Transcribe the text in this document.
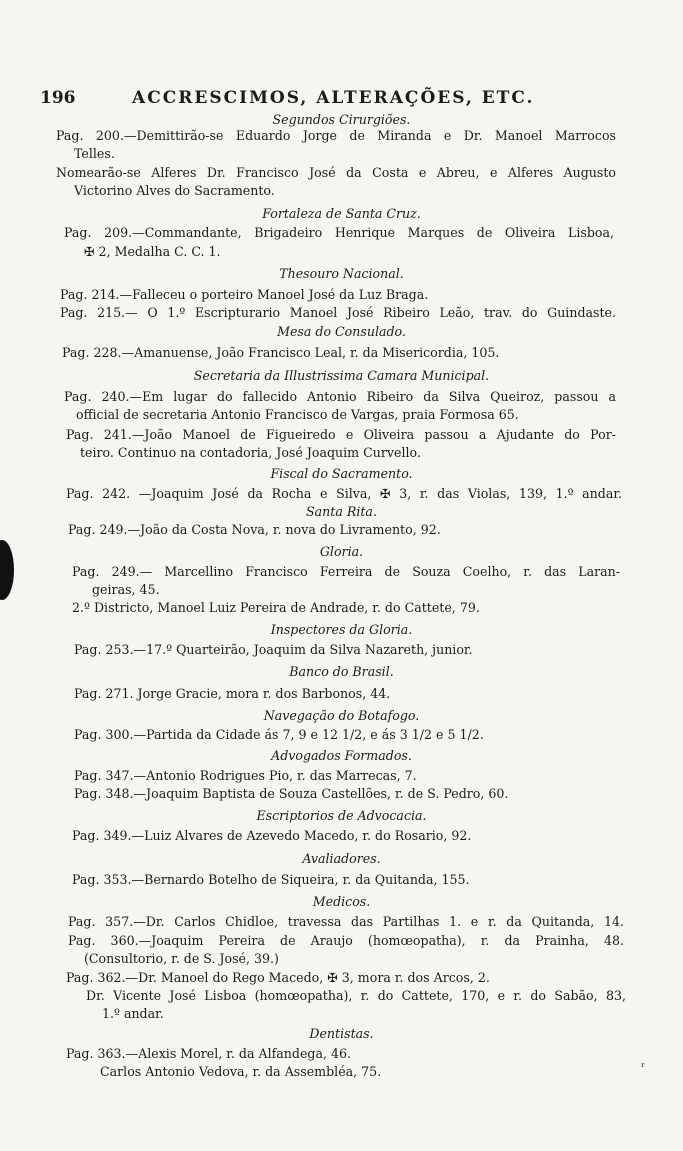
196	ACCRESCIMOS, ALTERAÇÕES, ETC.
Segundos Cirurgiões.
Pag. 200.—Demittirão-se Eduardo Jorge de Miranda e Dr. Manoel Marrocos
Telles.
Nomearão-se Alferes Dr. Francisco José da Costa e Abreu, e Alferes Augusto
Victorino Alves do Sacramento.
Fortaleza de Santa Cruz.
Pag. 209.—Commandante, Brigadeiro Henrique Marques de Oliveira Lisboa,
✠ 2, Medalha C. C. 1.
Thesouro Nacional.
Pag. 214.—Falleceu o porteiro Manoel José da Luz Braga.
Pag. 215.— O 1.º Escripturario Manoel José Ribeiro Leão, trav. do Guindaste.
Mesa do Consulado.
Pag. 228.—Amanuense, João Francisco Leal, r. da Misericordia, 105.
Secretaria da Illustrissima Camara Municipal.
Pag. 240.—Em lugar do fallecido Antonio Ribeiro da Silva Queiroz, passou a
official de secretaria Antonio Francisco de Vargas, praia Formosa 65.
Pag. 241.—João Manoel de Figueiredo e Oliveira passou a Ajudante do Por-
teiro. Continuo na contadoria, José Joaquim Curvello.
Fiscal do Sacramento.
Pag. 242. —Joaquim José da Rocha e Silva, ✠ 3, r. das Violas, 139, 1.º andar.
Santa Rita.
Pag. 249.—João da Costa Nova, r. nova do Livramento, 92.
Gloria.
Pag. 249.— Marcellino Francisco Ferreira de Souza Coelho, r. das Laran-
geiras, 45.
2.º Districto, Manoel Luiz Pereira de Andrade, r. do Cattete, 79.
Inspectores da Gloria.
Pag. 253.—17.º Quarteirão, Joaquim da Silva Nazareth, junior.
Banco do Brasil.
Pag. 271. Jorge Gracie, mora r. dos Barbonos, 44.
Navegação do Botafogo.
Pag. 300.—Partida da Cidade ás 7, 9 e 12 1/2, e ás 3 1/2 e 5 1/2.
Advogados Formados.
Pag. 347.—Antonio Rodrigues Pio, r. das Marrecas, 7.
Pag. 348.—Joaquim Baptista de Souza Castellões, r. de S. Pedro, 60.
Escriptorios de Advocacia.
Pag. 349.—Luiz Alvares de Azevedo Macedo, r. do Rosario, 92.
Avaliadores.
Pag. 353.—Bernardo Botelho de Siqueira, r. da Quitanda, 155.
Medicos.
Pag. 357.—Dr. Carlos Chidloe, travessa das Partilhas 1. e r. da Quitanda, 14.
Pag. 360.—Joaquim Pereira de Araujo (homœopatha), r. da Prainha, 48.
(Consultorio, r. de S. José, 39.)
Pag. 362.—Dr. Manoel do Rego Macedo, ✠ 3, mora r. dos Arcos, 2.
Dr. Vicente José Lisboa (homœopatha), r. do Cattete, 170, e r. do Sabão, 83,
1.º andar.
Dentistas.
Pag. 363.—Alexis Morel, r. da Alfandega, 46.
Carlos Antonio Vedova, r. da Assembléa, 75.	ʳ
